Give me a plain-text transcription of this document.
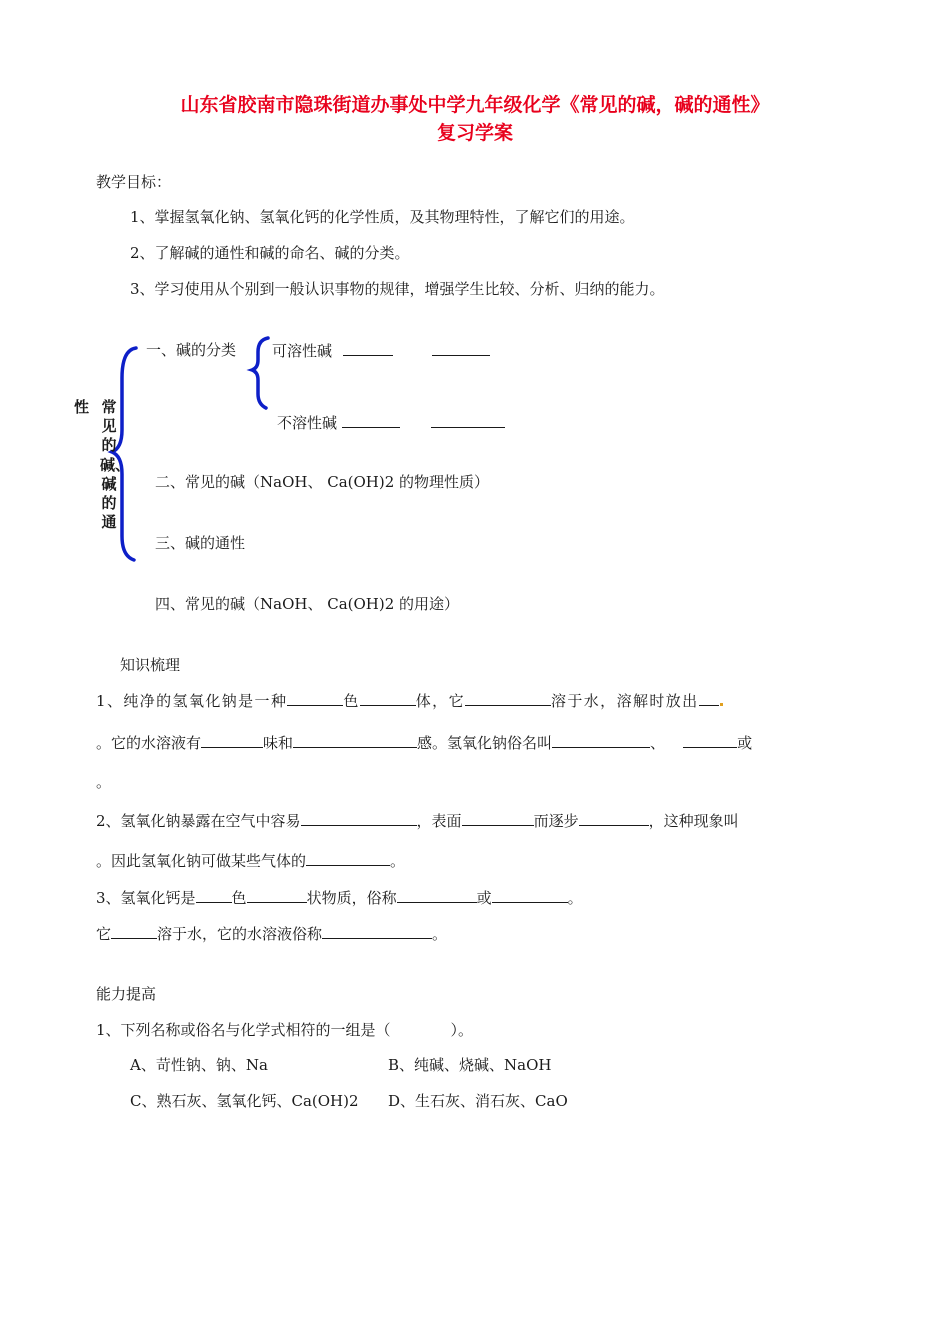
山东省胶南市隐珠街道办事处中学九年级化学《常见的碱，碱的通性》
复习学案
教学目标：
1、掌握氢氧化钠、氢氧化钙的化学性质，及其物理特性，了解它们的用途。
2、了解碱的通性和碱的命名、碱的分类。
3、学习使用从个别到一般认识事物的规律，增强学生比较、分析、归纳的能力。
性 常见的碱、碱的通
一、碱的分类 可溶性碱
不溶性碱
二、常见的碱（NaOH、 Ca(OH)2 的物理性质）
三、碱的通性
四、常见的碱（NaOH、 Ca(OH)2 的用途）
知识梳理
1、纯净的氢氧化钠是一种	色	体，它	溶于水，溶解时放出
。它的水溶液有	味和	感。氢氧化钠俗名叫	、	或
。
2、氢氧化钠暴露在空气中容易	，表面	而逐步	，这种现象叫
。因此氢氧化钠可做某些气体的	。
3、氢氧化钙是 色	状物质，俗称	或	。
它	溶于水，它的水溶液俗称	。
能力提高
1、下列名称或俗名与化学式相符的一组是（　　　　）。
A、苛性钠、钠、Na	B、纯碱、烧碱、NaOH
C、熟石灰、氢氧化钙、Ca(OH)2 D、生石灰、消石灰、CaO
